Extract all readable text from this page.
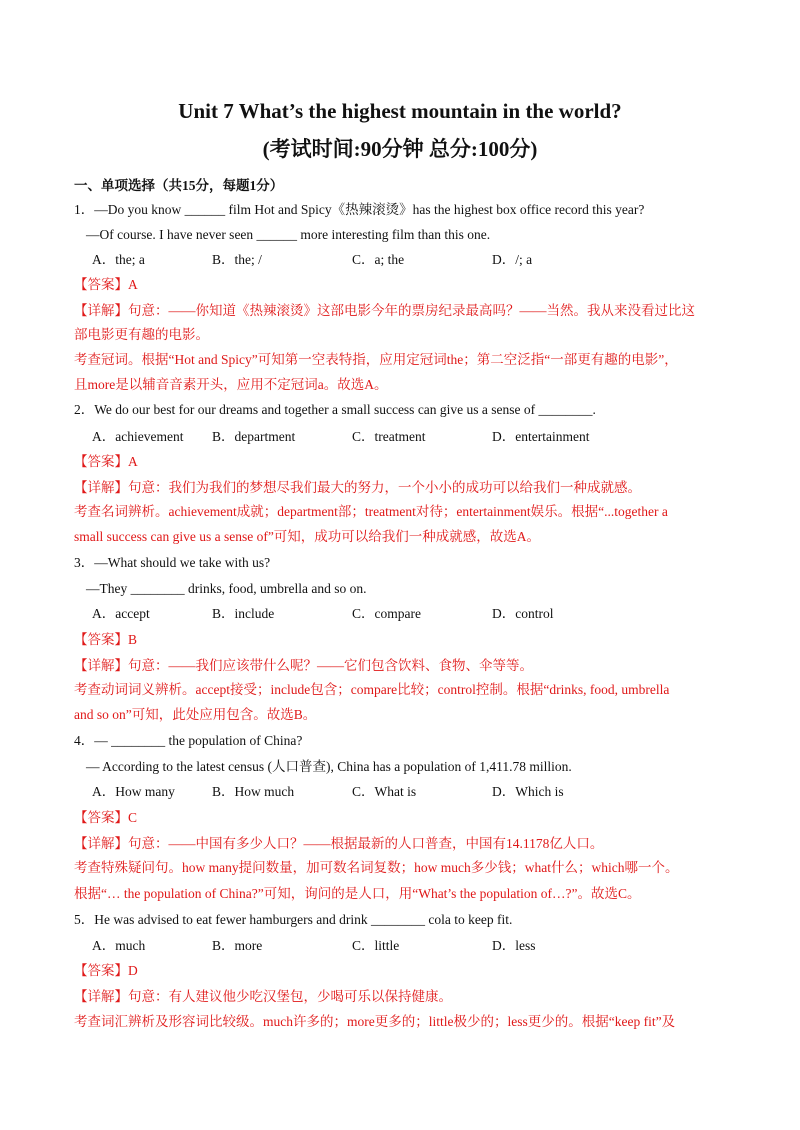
Unit 7 What’s the highest mountain in the world?
(考试时间:90分钟 总分:100分)
一、单项选择（共15分，每题1分）
1．—Do you know ______ film Hot and Spicy《热辣滚烫》has the highest box office record this year?
—Of course. I have never seen ______ more interesting film than this one.
A．the; a	B．the; /	C．a; the	D．/; a
【答案】A
【详解】句意：——你知道《热辣滚烫》这部电影今年的票房纪录最高吗？——当然。我从来没看过比这
部电影更有趣的电影。
考查冠词。根据“Hot and Spicy”可知第一空表特指，应用定冠词the；第二空泛指“一部更有趣的电影”，
且more是以辅音音素开头，应用不定冠词a。故选A。
2．We do our best for our dreams and together a small success can give us a sense of ________.
A．achievement B．department	C．treatment	D．entertainment
【答案】A
【详解】句意：我们为我们的梦想尽我们最大的努力，一个小小的成功可以给我们一种成就感。
考查名词辨析。achievement成就；department部；treatment对待；entertainment娱乐。根据“...together a
small success can give us a sense of”可知，成功可以给我们一种成就感，故选A。
3．—What should we take with us?
—They ________ drinks, food, umbrella and so on.
A．accept	B．include	C．compare	D．control
【答案】B
【详解】句意：——我们应该带什么呢？——它们包含饮料、食物、伞等等。
考查动词词义辨析。accept接受；include包含；compare比较；control控制。根据“drinks, food, umbrella
and so on”可知，此处应用包含。故选B。
4．— ________ the population of China?
— According to the latest census (人口普查), China has a population of 1,411.78 million.
A．How many	B．How much	C．What is	D．Which is
【答案】C
【详解】句意：——中国有多少人口？——根据最新的人口普查，中国有14.1178亿人口。
考查特殊疑问句。how many提问数量，加可数名词复数；how much多少钱；what什么；which哪一个。
根据“… the population of China?”可知，询问的是人口，用“What’s the population of…?”。故选C。
5．He was advised to eat fewer hamburgers and drink ________ cola to keep fit.
A．much	B．more	C．little	D．less
【答案】D
【详解】句意：有人建议他少吃汉堡包，少喝可乐以保持健康。
考查词汇辨析及形容词比较级。much许多的；more更多的；little极少的；less更少的。根据“keep fit”及
